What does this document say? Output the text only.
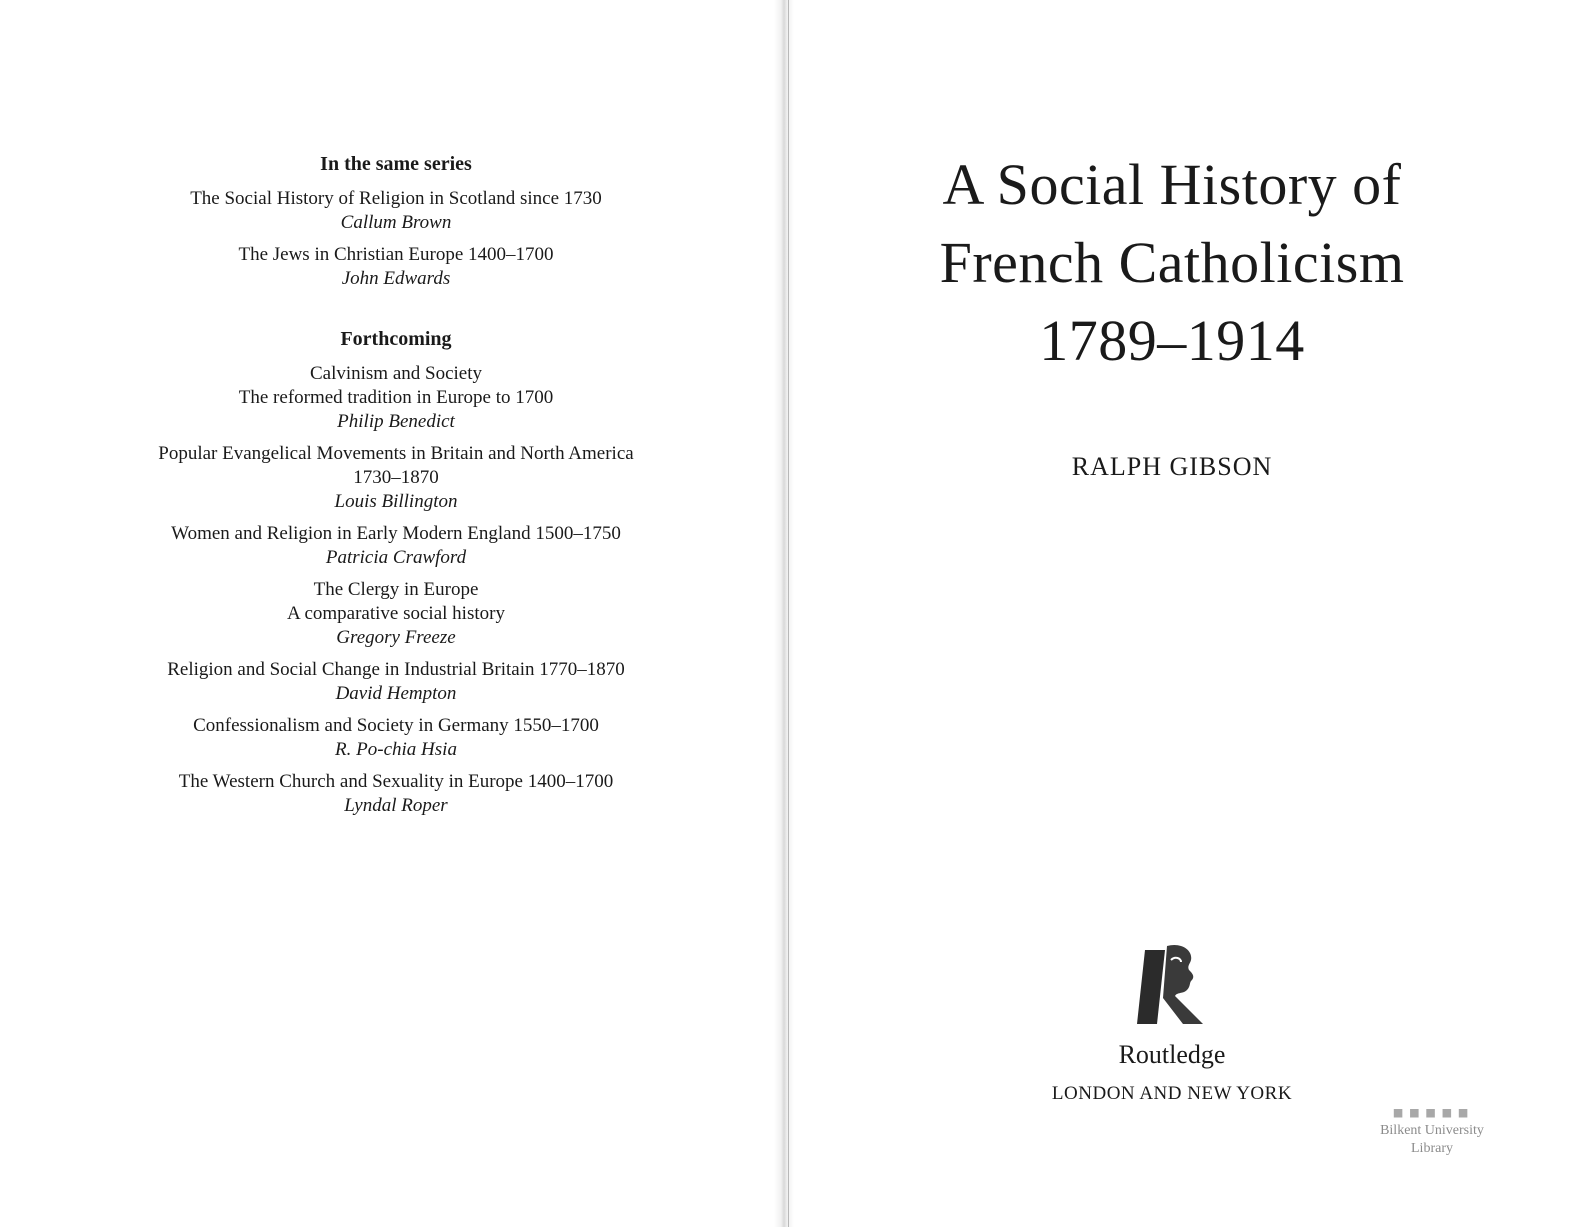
In the same series
The Social History of Religion in Scotland since 1730
Callum Brown
The Jews in Christian Europe 1400–1700
John Edwards
Forthcoming
Calvinism and Society
The reformed tradition in Europe to 1700
Philip Benedict
Popular Evangelical Movements in Britain and North America
1730–1870
Louis Billington
Women and Religion in Early Modern England 1500–1750
Patricia Crawford
The Clergy in Europe
A comparative social history
Gregory Freeze
Religion and Social Change in Industrial Britain 1770–1870
David Hempton
Confessionalism and Society in Germany 1550–1700
R. Po-chia Hsia
The Western Church and Sexuality in Europe 1400–1700
Lyndal Roper
A Social History of
French Catholicism
1789–1914
RALPH GIBSON
Routledge
LONDON AND NEW YORK
▪▪▪▪▪
Bilkent University
Library
